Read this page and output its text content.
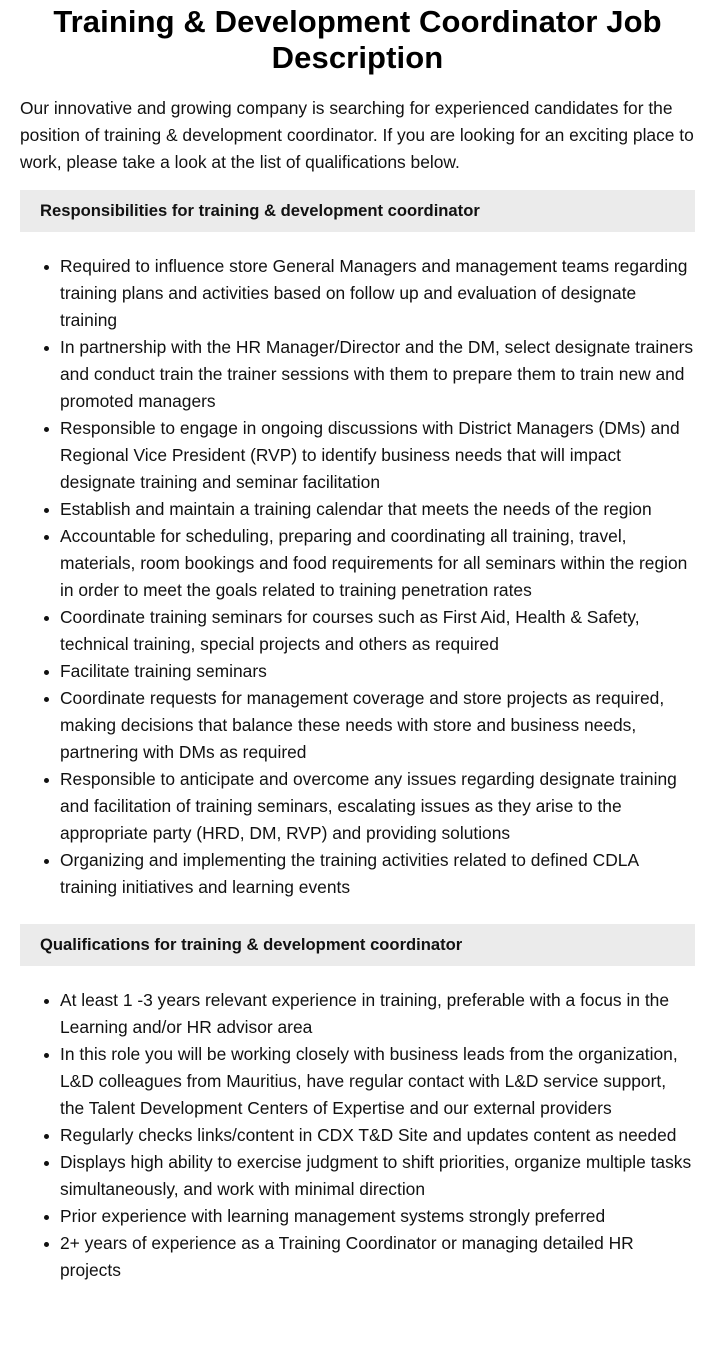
Training & Development Coordinator Job Description

Our innovative and growing company is searching for experienced candidates for the position of training & development coordinator. If you are looking for an exciting place to work, please take a look at the list of qualifications below.

Responsibilities for training & development coordinator
Required to influence store General Managers and management teams regarding training plans and activities based on follow up and evaluation of designate training
In partnership with the HR Manager/Director and the DM, select designate trainers and conduct train the trainer sessions with them to prepare them to train new and promoted managers
Responsible to engage in ongoing discussions with District Managers (DMs) and Regional Vice President (RVP) to identify business needs that will impact designate training and seminar facilitation
Establish and maintain a training calendar that meets the needs of the region
Accountable for scheduling, preparing and coordinating all training, travel, materials, room bookings and food requirements for all seminars within the region in order to meet the goals related to training penetration rates
Coordinate training seminars for courses such as First Aid, Health & Safety, technical training, special projects and others as required
Facilitate training seminars
Coordinate requests for management coverage and store projects as required, making decisions that balance these needs with store and business needs, partnering with DMs as required
Responsible to anticipate and overcome any issues regarding designate training and facilitation of training seminars, escalating issues as they arise to the appropriate party (HRD, DM, RVP) and providing solutions
Organizing and implementing the training activities related to defined CDLA training initiatives and learning events
Qualifications for training & development coordinator
At least 1 -3 years relevant experience in training, preferable with a focus in the Learning and/or HR advisor area
In this role you will be working closely with business leads from the organization, L&D colleagues from Mauritius, have regular contact with L&D service support, the Talent Development Centers of Expertise and our external providers
Regularly checks links/content in CDX T&D Site and updates content as needed
Displays high ability to exercise judgment to shift priorities, organize multiple tasks simultaneously, and work with minimal direction
Prior experience with learning management systems strongly preferred
2+ years of experience as a Training Coordinator or managing detailed HR projects
